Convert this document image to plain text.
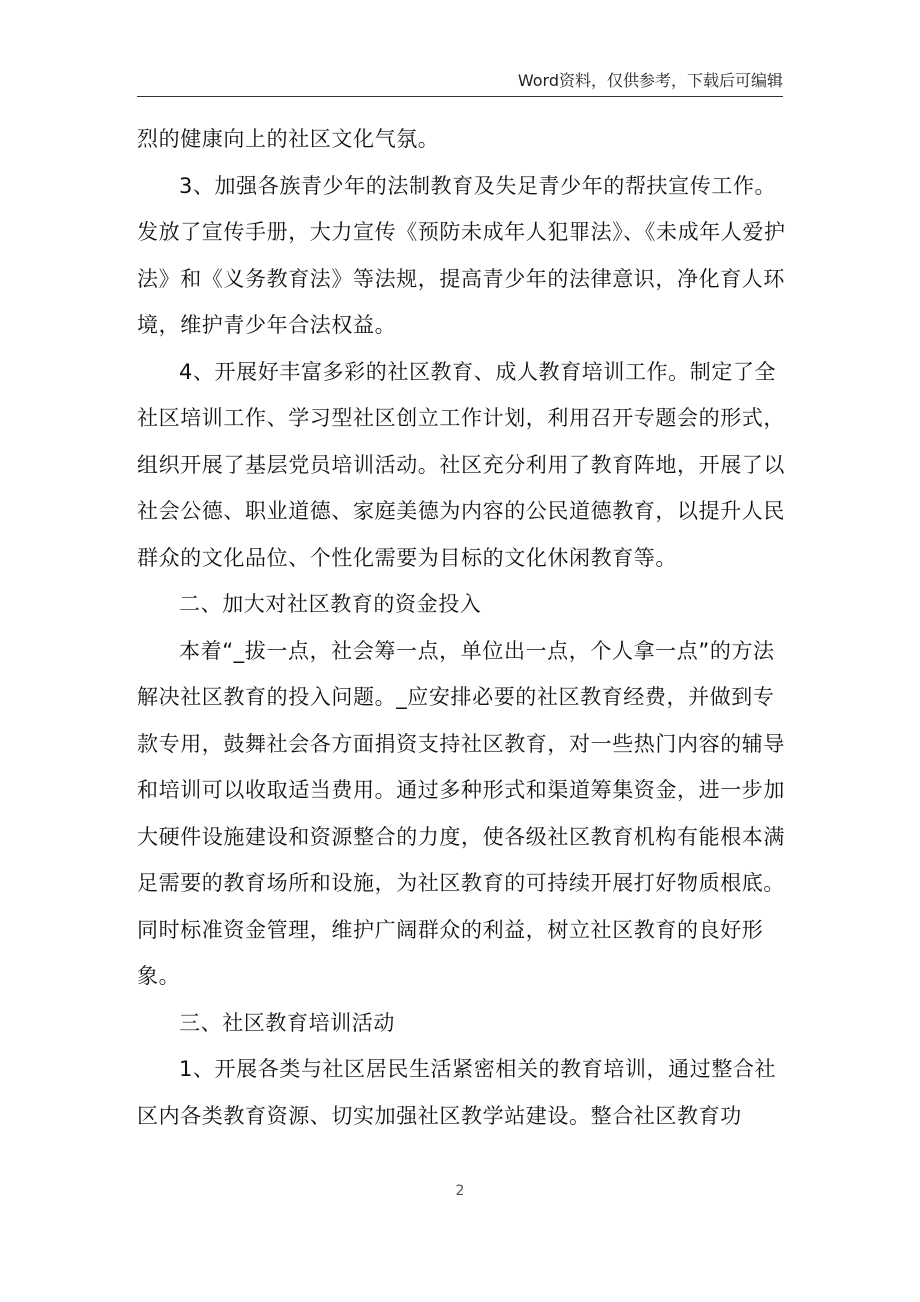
Word资料，仅供参考，下载后可编辑

烈的健康向上的社区文化气氛。

3、加强各族青少年的法制教育及失足青少年的帮扶宣传工作。发放了宣传手册，大力宣传《预防未成年人犯罪法》、《未成年人爱护法》和《义务教育法》等法规，提高青少年的法律意识，净化育人环境，维护青少年合法权益。

4、开展好丰富多彩的社区教育、成人教育培训工作。制定了全社区培训工作、学习型社区创立工作计划，利用召开专题会的形式，组织开展了基层党员培训活动。社区充分利用了教育阵地，开展了以社会公德、职业道德、家庭美德为内容的公民道德教育，以提升人民群众的文化品位、个性化需要为目标的文化休闲教育等。

二、加大对社区教育的资金投入

本着“_拔一点，社会筹一点，单位出一点，个人拿一点”的方法解决社区教育的投入问题。_应安排必要的社区教育经费，并做到专款专用，鼓舞社会各方面捐资支持社区教育，对一些热门内容的辅导和培训可以收取适当费用。通过多种形式和渠道筹集资金，进一步加大硬件设施建设和资源整合的力度，使各级社区教育机构有能根本满足需要的教育场所和设施，为社区教育的可持续开展打好物质根底。同时标准资金管理，维护广阔群众的利益，树立社区教育的良好形象。

三、社区教育培训活动

1、开展各类与社区居民生活紧密相关的教育培训，通过整合社区内各类教育资源、切实加强社区教学站建设。整合社区教育功

2
